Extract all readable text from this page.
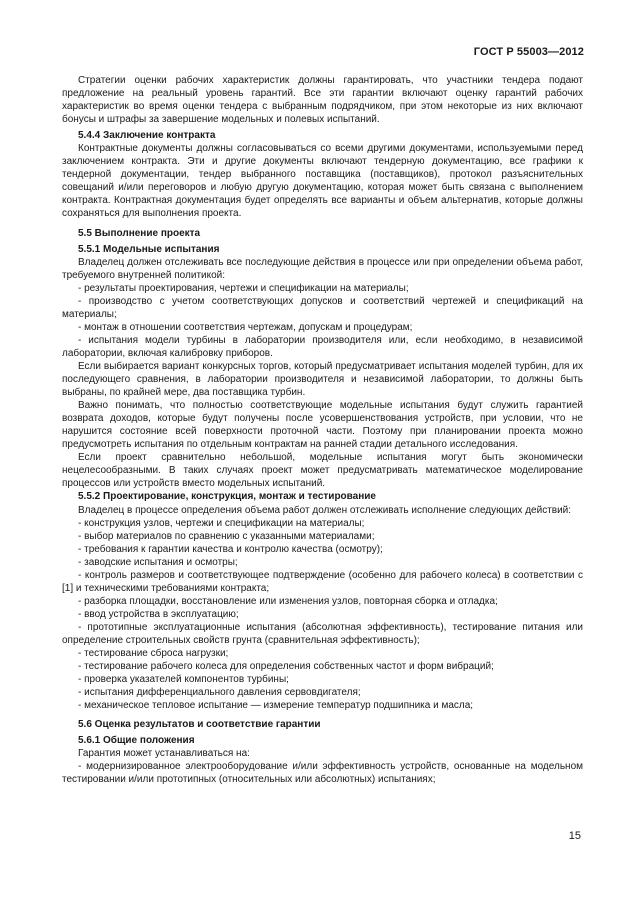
ГОСТ Р 55003—2012

Стратегии оценки рабочих характеристик должны гарантировать, что участники тендера подают предложение на реальный уровень гарантий. Все эти гарантии включают оценку гарантий рабочих характеристик во время оценки тендера с выбранным подрядчиком, при этом некоторые из них включают бонусы и штрафы за завершение модельных и полевых испытаний.

5.4.4 Заключение контракта

Контрактные документы должны согласовываться со всеми другими документами, используемыми перед заключением контракта. Эти и другие документы включают тендерную документацию, все графики к тендерной документации, тендер выбранного поставщика (поставщиков), протокол разъяснительных совещаний и/или переговоров и любую другую документацию, которая может быть связана с выполнением контракта. Контрактная документация будет определять все варианты и объем альтернатив, которые должны сохраняться для выполнения проекта.

5.5 Выполнение проекта

5.5.1 Модельные испытания

Владелец должен отслеживать все последующие действия в процессе или при определении объема работ, требуемого внутренней политикой:

- результаты проектирования, чертежи и спецификации на материалы;

- производство с учетом соответствующих допусков и соответствий чертежей и спецификаций на материалы;

- монтаж в отношении соответствия чертежам, допускам и процедурам;

- испытания модели турбины в лаборатории производителя или, если необходимо, в независимой лаборатории, включая калибровку приборов.

Если выбирается вариант конкурсных торгов, который предусматривает испытания моделей турбин, для их последующего сравнения, в лаборатории производителя и независимой лаборатории, то должны быть выбраны, по крайней мере, два поставщика турбин.

Важно понимать, что полностью соответствующие модельные испытания будут служить гарантией возврата доходов, которые будут получены после усовершенствования устройств, при условии, что не нарушится состояние всей поверхности проточной части. Поэтому при планировании проекта можно предусмотреть испытания по отдельным контрактам на ранней стадии детального исследования.

Если проект сравнительно небольшой, модельные испытания могут быть экономически нецелесообразными. В таких случаях проект может предусматривать математическое моделирование процессов или устройств вместо модельных испытаний.

5.5.2 Проектирование, конструкция, монтаж и тестирование

Владелец в процессе определения объема работ должен отслеживать исполнение следующих действий:

- конструкция узлов, чертежи и спецификации на материалы;

- выбор материалов по сравнению с указанными материалами;

- требования к гарантии качества и контролю качества (осмотру);

- заводские испытания и осмотры;

- контроль размеров и соответствующее подтверждение (особенно для рабочего колеса) в соответствии с [1] и техническими требованиями контракта;

- разборка площадки, восстановление или изменения узлов, повторная сборка и отладка;

- ввод устройства в эксплуатацию;

- прототипные эксплуатационные испытания (абсолютная эффективность), тестирование питания или определение строительных свойств грунта (сравнительная эффективность);

- тестирование сброса нагрузки;

- тестирование рабочего колеса для определения собственных частот и форм вибраций;

- проверка указателей компонентов турбины;

- испытания дифференциального давления сервовдигателя;

- механическое тепловое испытание — измерение температур подшипника и масла;

5.6 Оценка результатов и соответствие гарантии

5.6.1 Общие положения

Гарантия может устанавливаться на:

- модернизированное электрооборудование и/или эффективность устройств, основанные на модельном тестировании и/или прототипных (относительных или абсолютных) испытаниях;

15
